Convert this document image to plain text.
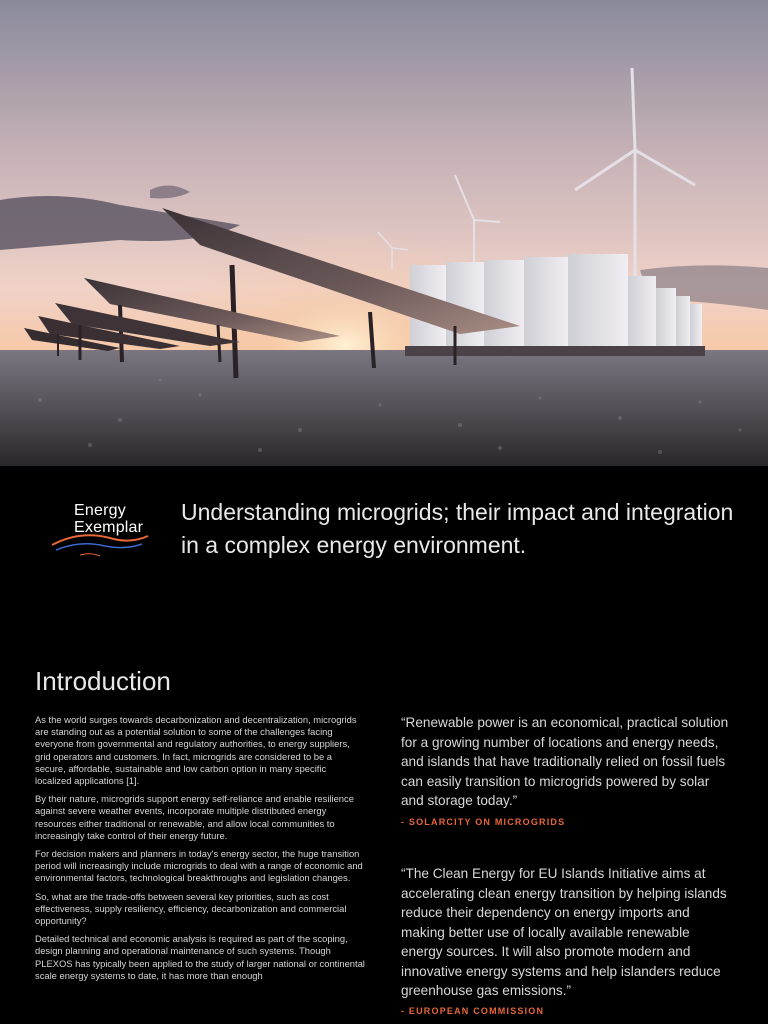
Energy
Exemplar
Understanding microgrids; their impact and integration in a complex energy environment.
Introduction

As the world surges towards decarbonization and decentralization, microgrids are standing out as a potential solution to some of the challenges facing everyone from governmental and regulatory authorities, to energy suppliers, grid operators and customers. In fact, microgrids are considered to be a secure, affordable, sustainable and low carbon option in many specific localized applications [1].

By their nature, microgrids support energy self-reliance and enable resilience against severe weather events, incorporate multiple distributed energy resources either traditional or renewable, and allow local communities to increasingly take control of their energy future.

For decision makers and planners in today's energy sector, the huge transition period will increasingly include microgrids to deal with a range of economic and environmental factors, technological breakthroughs and legislation changes.

So, what are the trade-offs between several key priorities, such as cost effectiveness, supply resiliency, efficiency, decarbonization and commercial opportunity?

Detailed technical and economic analysis is required as part of the scoping, design planning and operational maintenance of such systems. Though PLEXOS has typically been applied to the study of larger national or continental scale energy systems to date, it has more than enough

“Renewable power is an economical, practical solution for a growing number of locations and energy needs, and islands that have traditionally relied on fossil fuels can easily transition to microgrids powered by solar and storage today.”

- SOLARCITY ON MICROGRIDS

“The Clean Energy for EU Islands Initiative aims at accelerating clean energy transition by helping islands reduce their dependency on energy imports and making better use of locally available renewable energy sources. It will also promote modern and innovative energy systems and help islanders reduce greenhouse gas emissions.”

- EUROPEAN COMMISSION
